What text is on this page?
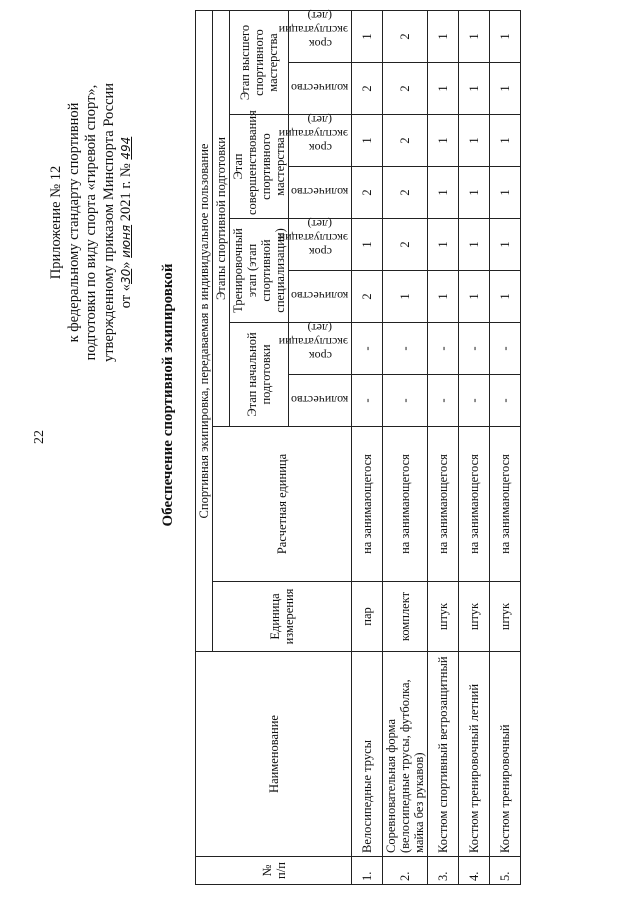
22
Приложение № 12 к федеральному стандарту спортивной подготовки по виду спорта «гиревой спорт», утвержденному приказом Минспорта России от «30» июня 2021 г. № 494
Обеспечение спортивной экипировкой
№ п/п	Наименование	Спортивная экипировка, передаваемая в индивидуальное пользование									
		Единица измерения	Расчетная единица	Этапы спортивной подготовки							
				Этап начальной подготовки		Тренировочный этап (этап спортивной специализации)		Этап совершенствования спортивного мастерства		Этап высшего спортивного мастерства	

				количество	срок эксплуатации (лет)	количество	срок эксплуатации (лет)	количество	срок эксплуатации (лет)	количество	срок эксплуатации (лет)

1.	Велосипедные трусы	пар	на занимающегося	-	-	2	1	2	1	2	1
2.	Соревновательная форма (велосипедные трусы, футболка, майка без рукавов)	комплект	на занимающегося	-	-	1	2	2	2	2	2
3.	Костюм спортивный ветрозащитный	штук	на занимающегося	-	-	1	1	1	1	1	1
4.	Костюм тренировочный летний	штук	на занимающегося	-	-	1	1	1	1	1	1
5.	Костюм тренировочный	штук	на занимающегося	-	-	1	1	1	1	1	1
